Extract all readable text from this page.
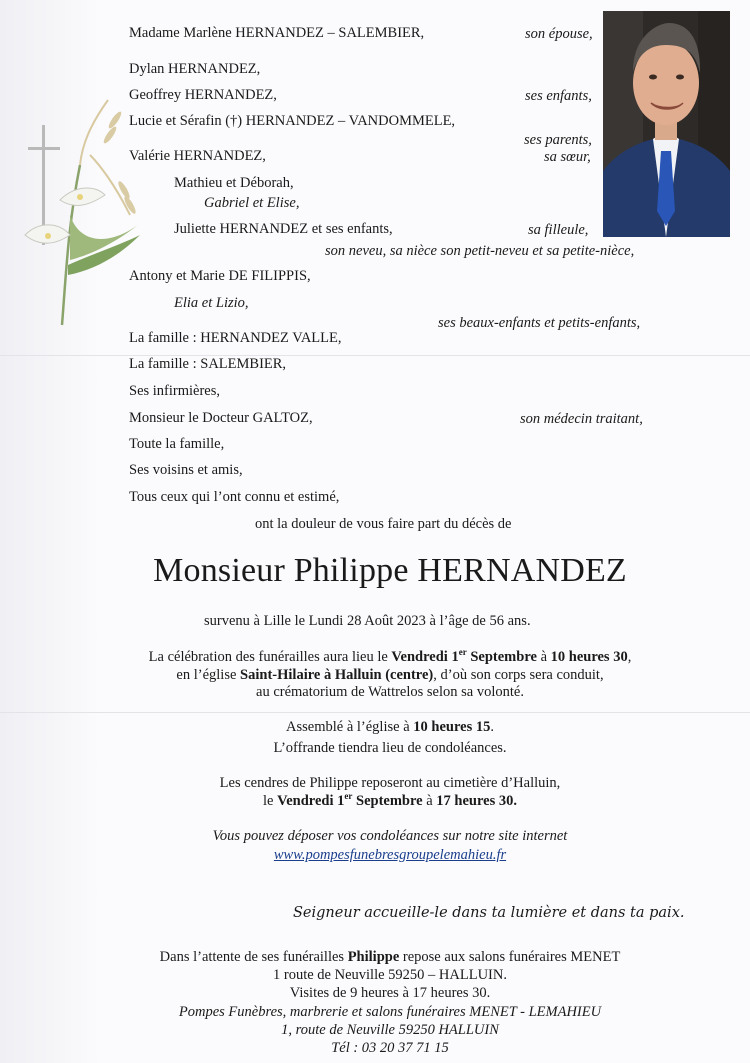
Madame Marlène HERNANDEZ – SALEMBIER,	son épouse,
Dylan HERNANDEZ,
Geoffrey HERNANDEZ,	ses enfants,
Lucie et Sérafin (†) HERNANDEZ – VANDOMMELE,
ses parents,
Valérie HERNANDEZ,	sa sœur,
Mathieu et Déborah,
Gabriel et Elise,
Juliette HERNANDEZ et ses enfants,	sa filleule,
son neveu, sa nièce son petit-neveu et sa petite-nièce,
Antony et Marie DE FILIPPIS,
Elia et Lizio,
ses beaux-enfants et petits-enfants,
La famille : HERNANDEZ VALLE,
La famille : SALEMBIER,
Ses infirmières,
Monsieur le Docteur GALTOZ,	son médecin traitant,
Toute la famille,
Ses voisins et amis,
Tous ceux qui l’ont connu et estimé,
ont la douleur de vous faire part du décès de
Monsieur Philippe HERNANDEZ
survenu à Lille le Lundi 28 Août 2023 à l’âge de 56 ans.
La célébration des funérailles aura lieu le Vendredi 1er Septembre à 10 heures 30,
en l’église Saint-Hilaire à Halluin (centre), d’où son corps sera conduit,
au crématorium de Wattrelos selon sa volonté.
Assemblé à l’église à 10 heures 15.
L’offrande tiendra lieu de condoléances.
Les cendres de Philippe reposeront au cimetière d’Halluin,
le Vendredi 1er Septembre à 17 heures 30.
Vous pouvez déposer vos condoléances sur notre site internet
www.pompesfunebresgroupelemahieu.fr
Seigneur accueille-le dans ta lumière et dans ta paix.
Dans l’attente de ses funérailles Philippe repose aux salons funéraires MENET
1 route de Neuville 59250 – HALLUIN.
Visites de 9 heures à 17 heures 30.
Pompes Funèbres, marbrerie et salons funéraires MENET - LEMAHIEU
1, route de Neuville 59250 HALLUIN
Tél : 03 20 37 71 15
